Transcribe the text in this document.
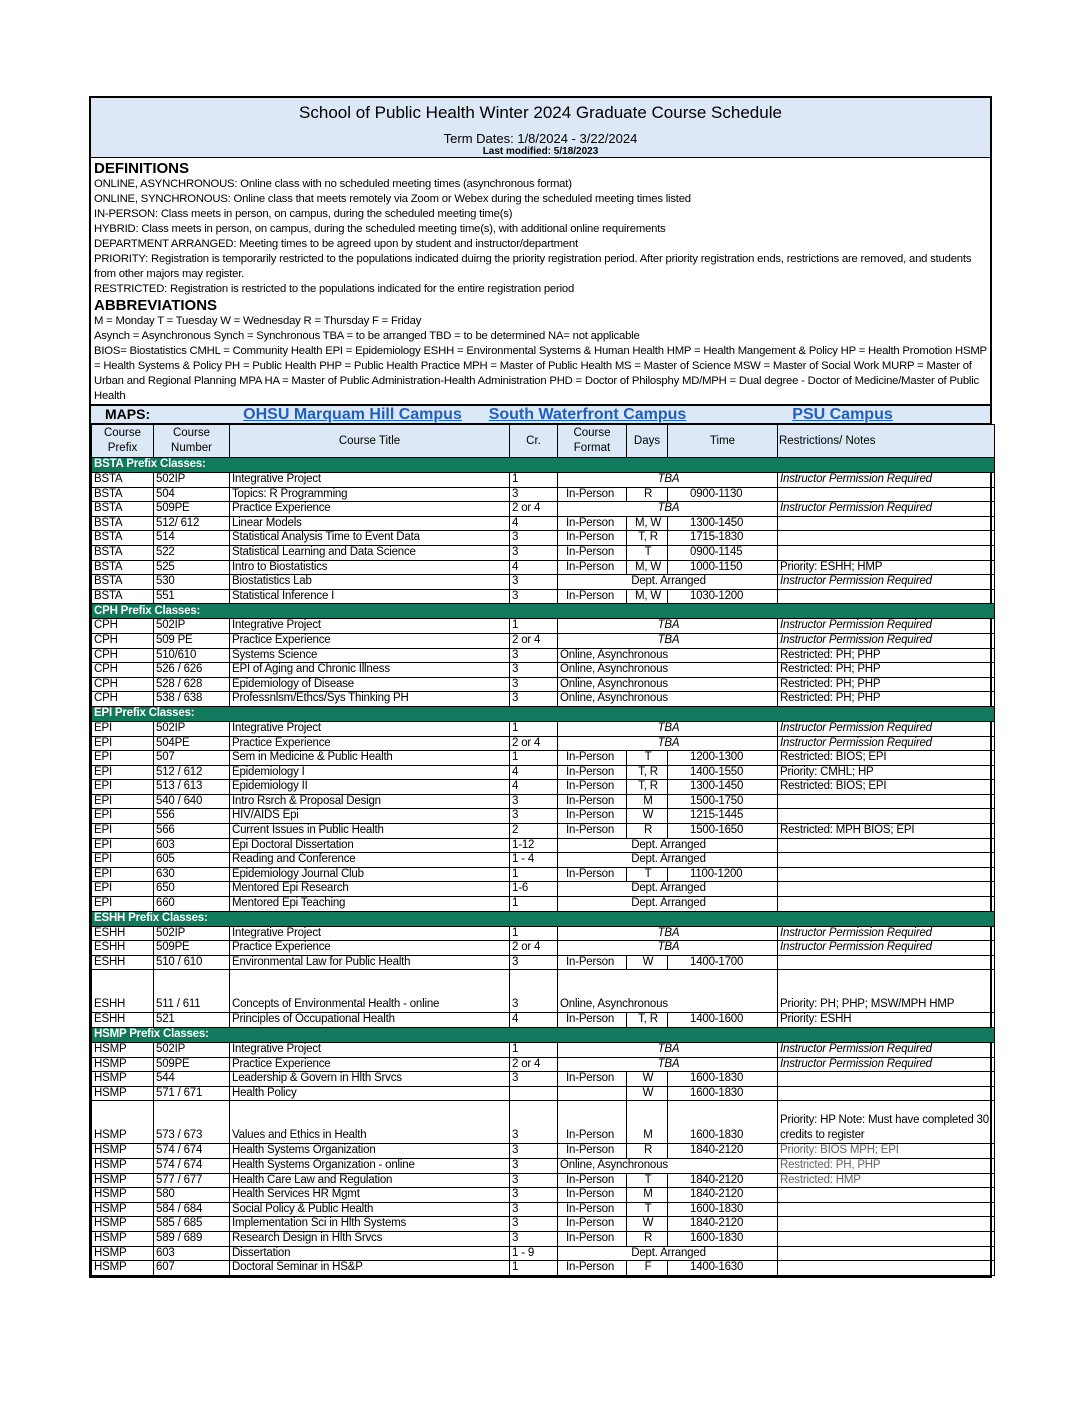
School of Public Health Winter 2024 Graduate Course Schedule
Term Dates: 1/8/2024 - 3/22/2024
Last modified: 5/18/2023
DEFINITIONS

ONLINE, ASYNCHRONOUS: Online class with no scheduled meeting times (asynchronous format)

ONLINE, SYNCHRONOUS: Online class that meets remotely via Zoom or Webex during the scheduled meeting times listed

IN-PERSON: Class meets in person, on campus, during the scheduled meeting time(s)

HYBRID: Class meets in person, on campus, during the scheduled meeting time(s), with additional online requirements

DEPARTMENT ARRANGED: Meeting times to be agreed upon by student and instructor/department

PRIORITY: Registration is temporarily restricted to the populations indicated duirng the priority registration period. After priority registration ends, restrictions are removed, and students from other majors may register.

RESTRICTED: Registration is restricted to the populations indicated for the entire registration period

ABBREVIATIONS

M = Monday T = Tuesday W = Wednesday R = Thursday F = Friday

Asynch = Asynchronous Synch = Synchronous TBA = to be arranged TBD = to be determined NA= not applicable

BIOS= Biostatistics CMHL = Community Health EPI = Epidemiology ESHH = Environmental Systems & Human Health HMP = Health Mangement & Policy HP = Health Promotion HSMP = Health Systems & Policy PH = Public Health PHP = Public Health Practice MPH = Master of Public Health MS = Master of Science MSW = Master of Social Work MURP = Master of Urban and Regional Planning MPA HA = Master of Public Administration-Health Administration PHD = Doctor of Philosphy MD/MPH = Dual degree - Doctor of Medicine/Master of Public Health

MAPS:	OHSU Marquam Hill Campus	South Waterfront Campus	PSU Campus
Course Prefix	Course Number	Course Title	Cr.	Course Format	Days	Time	Restrictions/ Notes
BSTA Prefix Classes:							
BSTA	502IP	Integrative Project	1	TBA			Instructor Permission Required
BSTA	504	Topics: R Programming	3	In-Person	R	0900-1130	
BSTA	509PE	Practice Experience	2 or 4	TBA			Instructor Permission Required
BSTA	512/ 612	Linear Models	4	In-Person	M, W	1300-1450	
BSTA	514	Statistical Analysis Time to Event Data	3	In-Person	T, R	1715-1830	
BSTA	522	Statistical Learning and Data Science	3	In-Person	T	0900-1145	
BSTA	525	Intro to Biostatistics	4	In-Person	M, W	1000-1150	Priority: ESHH; HMP
BSTA	530	Biostatistics Lab	3	Dept. Arranged			Instructor Permission Required
BSTA	551	Statistical Inference I	3	In-Person	M, W	1030-1200	
CPH Prefix Classes:							
CPH	502IP	Integrative Project	1	TBA			Instructor Permission Required
CPH	509 PE	Practice Experience	2 or 4	TBA			Instructor Permission Required
CPH	510/610	Systems Science	3	Online, Asynchronous			Restricted: PH; PHP
CPH	526 / 626	EPI of Aging and Chronic Illness	3	Online, Asynchronous			Restricted: PH; PHP
CPH	528 / 628	Epidemiology of Disease	3	Online, Asynchronous			Restricted: PH; PHP
CPH	538 / 638	Professnlsm/Ethcs/Sys Thinking PH	3	Online, Asynchronous			Restricted: PH; PHP
EPI Prefix Classes:							
EPI	502IP	Integrative Project	1	TBA			Instructor Permission Required
EPI	504PE	Practice Experience	2 or 4	TBA			Instructor Permission Required
EPI	507	Sem in Medicine & Public Health	1	In-Person	T	1200-1300	Restricted: BIOS; EPI
EPI	512 / 612	Epidemiology I	4	In-Person	T, R	1400-1550	Priority: CMHL; HP
EPI	513 / 613	Epidemiology II	4	In-Person	T, R	1300-1450	Restricted: BIOS; EPI
EPI	540 / 640	Intro Rsrch & Proposal Design	3	In-Person	M	1500-1750	
EPI	556	HIV/AIDS Epi	3	In-Person	W	1215-1445	
EPI	566	Current Issues in Public Health	2	In-Person	R	1500-1650	Restricted: MPH BIOS; EPI
EPI	603	Epi Doctoral Dissertation	1-12	Dept. Arranged			
EPI	605	Reading and Conference	1 - 4	Dept. Arranged			
EPI	630	Epidemiology Journal Club	1	In-Person	T	1100-1200	
EPI	650	Mentored Epi Research	1-6	Dept. Arranged			
EPI	660	Mentored Epi Teaching	1	Dept. Arranged			
ESHH Prefix Classes:							
ESHH	502IP	Integrative Project	1	TBA			Instructor Permission Required
ESHH	509PE	Practice Experience	2 or 4	TBA			Instructor Permission Required
ESHH	510 / 610	Environmental Law for Public Health	3	In-Person	W	1400-1700	
ESHH	511 / 611	Concepts of Environmental Health - online	3	Online, Asynchronous			Priority: PH; PHP; MSW/MPH HMP
ESHH	521	Principles of Occupational Health	4	In-Person	T, R	1400-1600	Priority: ESHH
HSMP Prefix Classes:							
HSMP	502IP	Integrative Project	1	TBA			Instructor Permission Required
HSMP	509PE	Practice Experience	2 or 4	TBA			Instructor Permission Required
HSMP	544	Leadership & Govern in Hlth Srvcs	3	In-Person	W	1600-1830	
HSMP	571 / 671	Health Policy			W	1600-1830	
HSMP	573 / 673	Values and Ethics in Health	3	In-Person	M	1600-1830	Priority: HP Note: Must have completed 30 credits to register
HSMP	574 / 674	Health Systems Organization	3	In-Person	R	1840-2120	Priority: BIOS MPH; EPI
HSMP	574 / 674	Health Systems Organization - online	3	Online, Asynchronous			Restricted: PH, PHP
HSMP	577 / 677	Health Care Law and Regulation	3	In-Person	T	1840-2120	Restricted: HMP
HSMP	580	Health Services HR Mgmt	3	In-Person	M	1840-2120	
HSMP	584 / 684	Social Policy & Public Health	3	In-Person	T	1600-1830	
HSMP	585 / 685	Implementation Sci in Hlth Systems	3	In-Person	W	1840-2120	
HSMP	589 / 689	Research Design in Hlth Srvcs	3	In-Person	R	1600-1830	
HSMP	603	Dissertation	1 - 9	Dept. Arranged			
HSMP	607	Doctoral Seminar in HS&P	1	In-Person	F	1400-1630	
